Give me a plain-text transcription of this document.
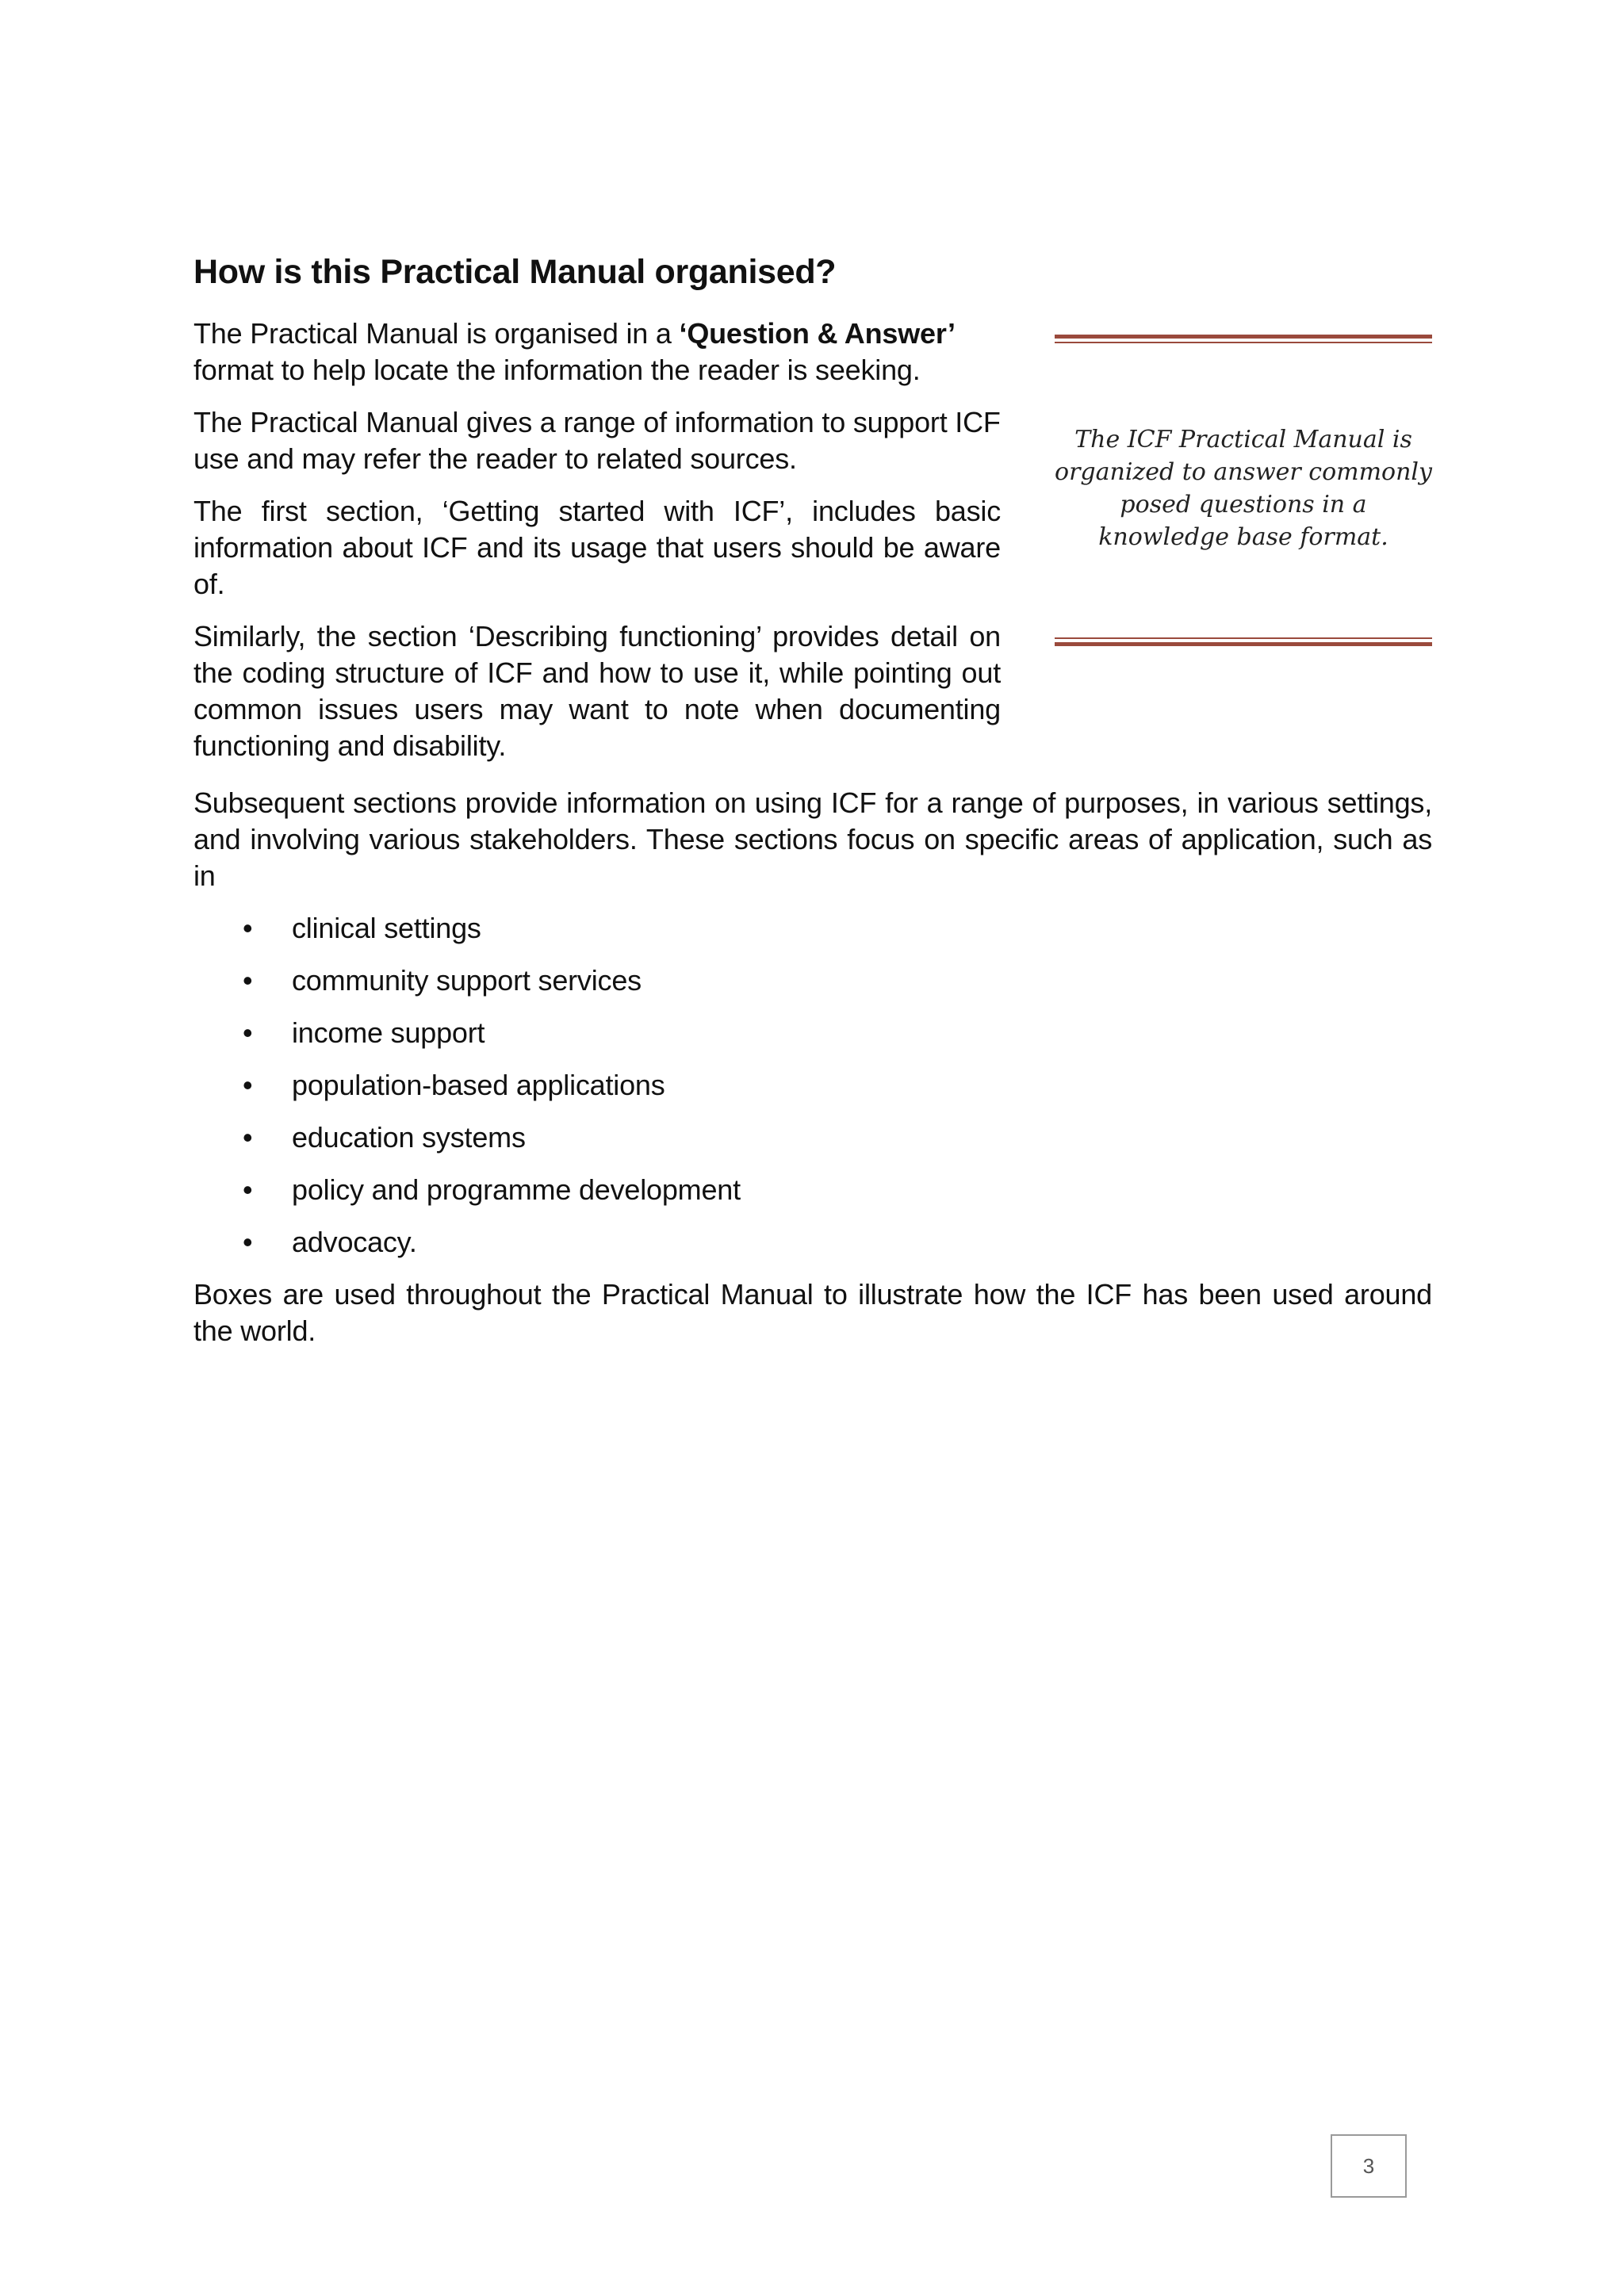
How is this Practical Manual organised?

The Practical Manual is organised in a ‘Question & Answer’ format to help locate the information the reader is seeking.

The Practical Manual gives a range of information to support ICF use and may refer the reader to related sources.

The first section, ‘Getting started with ICF’, includes basic information about ICF and its usage that users should be aware of.

Similarly, the section ‘Describing functioning’ provides detail on the coding structure of ICF and how to use it, while pointing out common issues users may want to note when documenting functioning and disability.

The ICF Practical Manual is organized to answer commonly posed questions in a knowledge base format.

Subsequent sections provide information on using ICF for a range of purposes, in various settings, and involving various stakeholders. These sections focus on specific areas of application, such as in

• clinical settings
• community support services
• income support
• population-based applications
• education systems
• policy and programme development
• advocacy.

Boxes are used throughout the Practical Manual to illustrate how the ICF has been used around the world.

3
